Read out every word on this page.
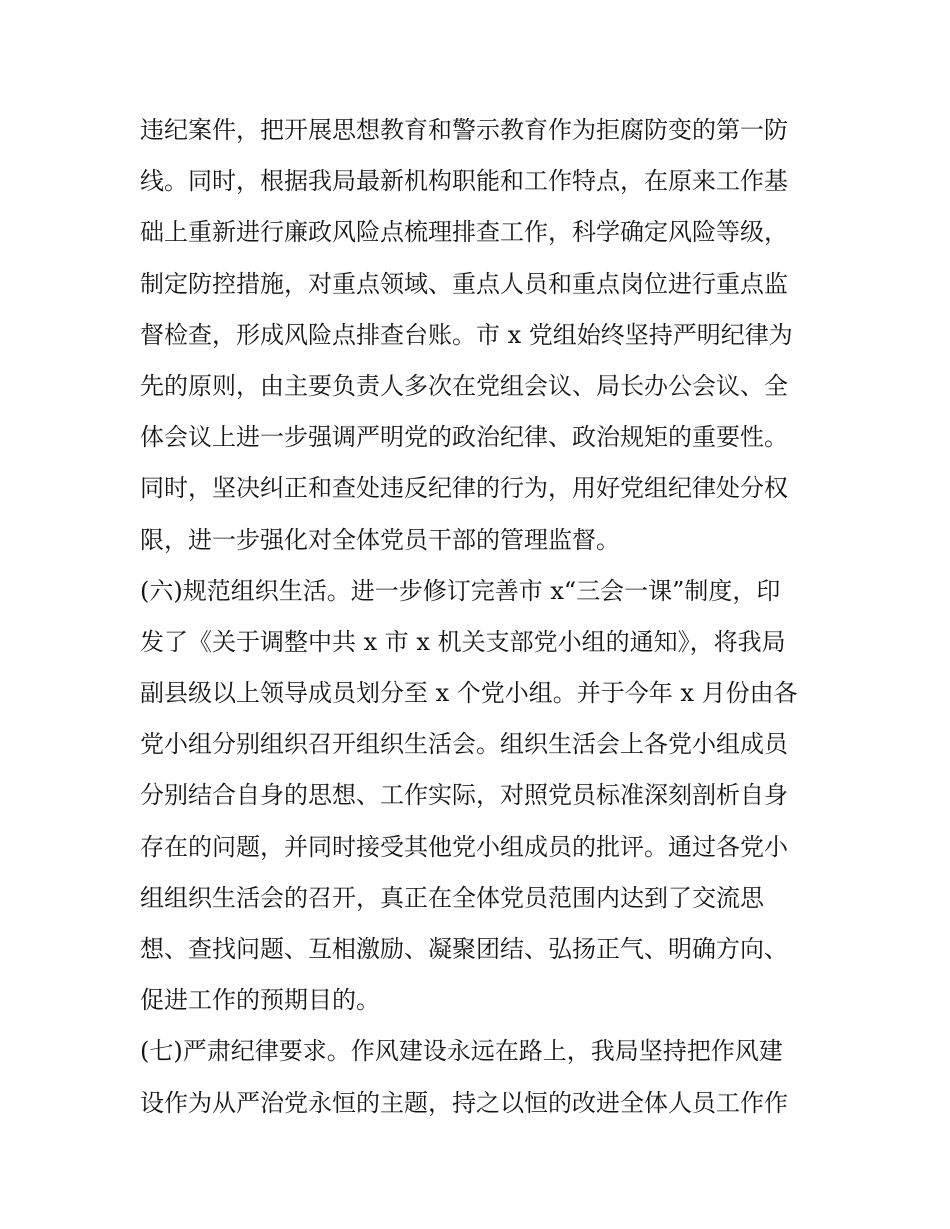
违纪案件，把开展思想教育和警示教育作为拒腐防变的第一防
线。同时，根据我局最新机构职能和工作特点，在原来工作基
础上重新进行廉政风险点梳理排查工作，科学确定风险等级，
制定防控措施，对重点领域、重点人员和重点岗位进行重点监
督检查，形成风险点排查台账。市 x 党组始终坚持严明纪律为
先的原则，由主要负责人多次在党组会议、局长办公会议、全
体会议上进一步强调严明党的政治纪律、政治规矩的重要性。
同时，坚决纠正和查处违反纪律的行为，用好党组纪律处分权
限，进一步强化对全体党员干部的管理监督。
(六)规范组织生活。进一步修订完善市 x“三会一课”制度，印
发了《关于调整中共 x 市 x 机关支部党小组的通知》，将我局
副县级以上领导成员划分至 x 个党小组。并于今年 x 月份由各
党小组分别组织召开组织生活会。组织生活会上各党小组成员
分别结合自身的思想、工作实际，对照党员标准深刻剖析自身
存在的问题，并同时接受其他党小组成员的批评。通过各党小
组组织生活会的召开，真正在全体党员范围内达到了交流思
想、查找问题、互相激励、凝聚团结、弘扬正气、明确方向、
促进工作的预期目的。
(七)严肃纪律要求。作风建设永远在路上，我局坚持把作风建
设作为从严治党永恒的主题，持之以恒的改进全体人员工作作
